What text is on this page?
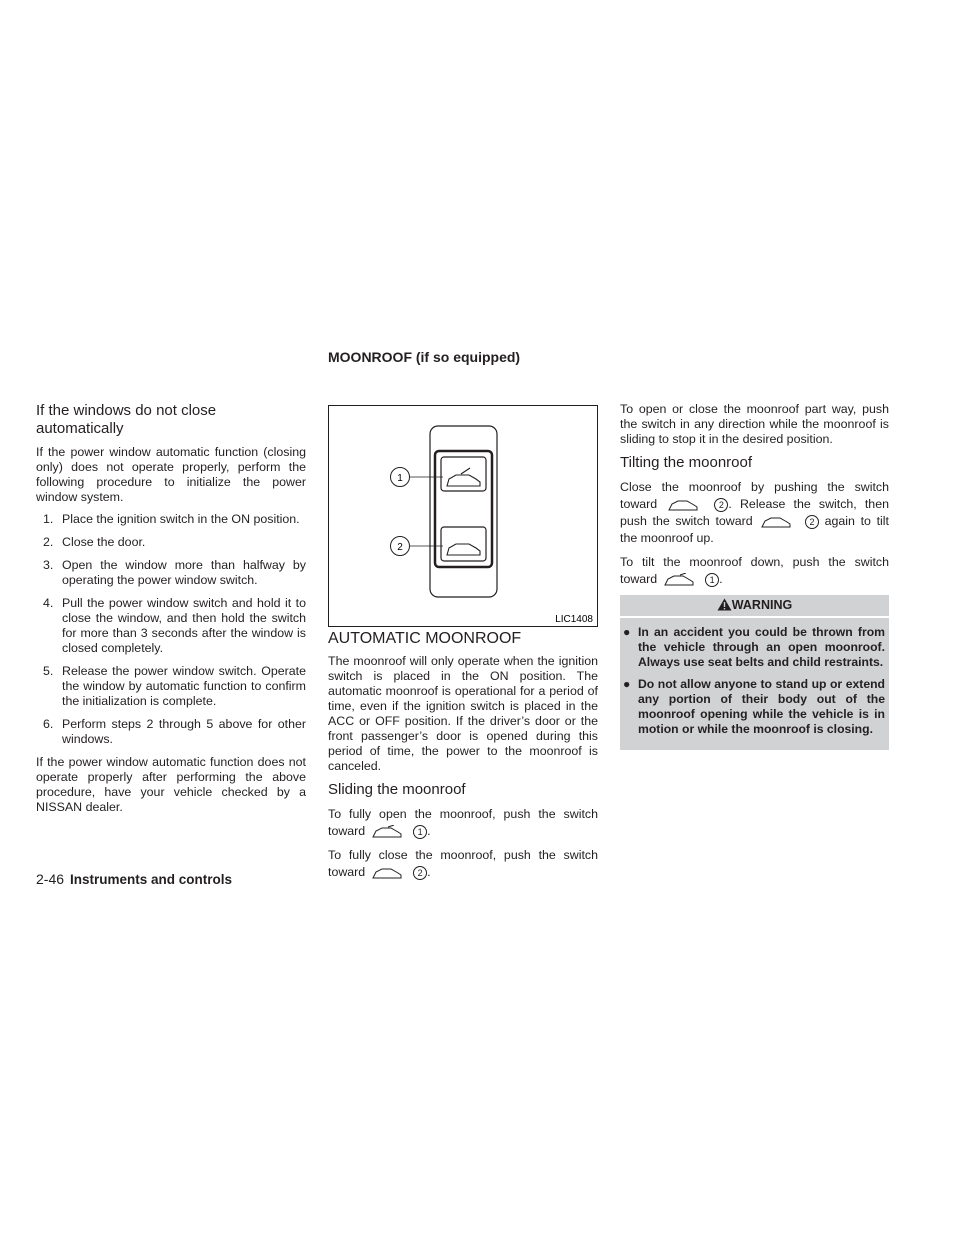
MOONROOF (if so equipped)
If the windows do not close automatically

If the power window automatic function (closing only) does not operate properly, perform the following procedure to initialize the power window system.

1. Place the ignition switch in the ON position.
2. Close the door.
3. Open the window more than halfway by operating the power window switch.
4. Pull the power window switch and hold it to close the window, and then hold the switch for more than 3 seconds after the window is closed completely.
5. Release the power window switch. Operate the window by automatic function to confirm the initialization is complete.
6. Perform steps 2 through 5 above for other windows.

If the power window automatic function does not operate properly after performing the above procedure, have your vehicle checked by a NISSAN dealer.

1
2
LIC1408
AUTOMATIC MOONROOF

The moonroof will only operate when the ignition switch is placed in the ON position. The automatic moonroof is operational for a period of time, even if the ignition switch is placed in the ACC or OFF position. If the driver’s door or the front passenger’s door is opened during this period of time, the power to the moonroof is canceled.

Sliding the moonroof

To fully open the moonroof, push the switch toward	1 .

To fully close the moonroof, push the switch toward	2 .

To open or close the moonroof part way, push the switch in any direction while the moonroof is sliding to stop it in the desired position.

Tilting the moonroof

Close the moonroof by pushing the switch toward	2 . Release the switch, then push the switch toward	2 again to tilt the moonroof up.

To tilt the moonroof down, push the switch toward	1 .

WARNING
● In an accident you could be thrown from the vehicle through an open moonroof. Always use seat belts and child restraints.
● Do not allow anyone to stand up or extend any portion of their body out of the moonroof opening while the vehicle is in motion or while the moonroof is closing.
2-46 Instruments and controls
